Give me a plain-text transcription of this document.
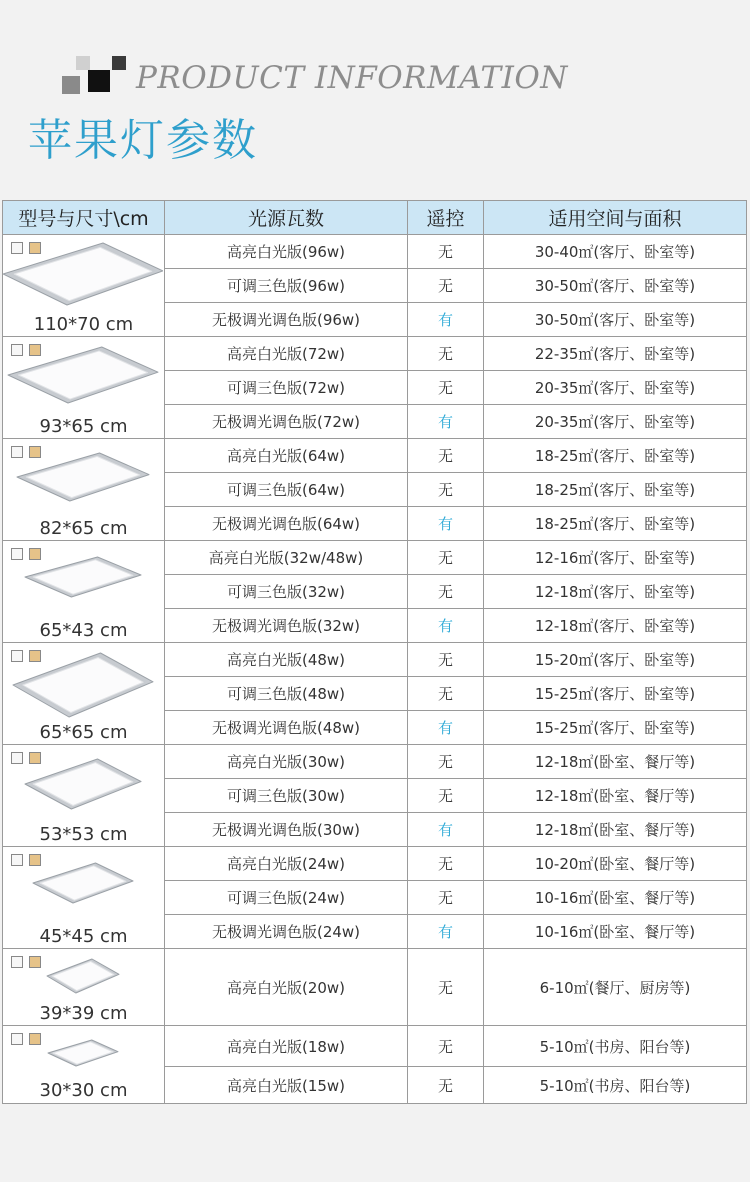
PRODUCT INFORMATION
苹果灯参数
型号与尺寸\cm	光源瓦数	遥控	适用空间与面积

110*70 cm	高亮白光版(96w)	无	30-40㎡(客厅、卧室等)
	可调三色版(96w)	无	30-50㎡(客厅、卧室等)
	无极调光调色版(96w)	有	30-50㎡(客厅、卧室等)

93*65 cm	高亮白光版(72w)	无	22-35㎡(客厅、卧室等)
	可调三色版(72w)	无	20-35㎡(客厅、卧室等)
	无极调光调色版(72w)	有	20-35㎡(客厅、卧室等)

82*65 cm	高亮白光版(64w)	无	18-25㎡(客厅、卧室等)
	可调三色版(64w)	无	18-25㎡(客厅、卧室等)
	无极调光调色版(64w)	有	18-25㎡(客厅、卧室等)

65*43 cm	高亮白光版(32w/48w)	无	12-16㎡(客厅、卧室等)
	可调三色版(32w)	无	12-18㎡(客厅、卧室等)
	无极调光调色版(32w)	有	12-18㎡(客厅、卧室等)

65*65 cm	高亮白光版(48w)	无	15-20㎡(客厅、卧室等)
	可调三色版(48w)	无	15-25㎡(客厅、卧室等)
	无极调光调色版(48w)	有	15-25㎡(客厅、卧室等)

53*53 cm	高亮白光版(30w)	无	12-18㎡(卧室、餐厅等)
	可调三色版(30w)	无	12-18㎡(卧室、餐厅等)
	无极调光调色版(30w)	有	12-18㎡(卧室、餐厅等)

45*45 cm	高亮白光版(24w)	无	10-20㎡(卧室、餐厅等)
	可调三色版(24w)	无	10-16㎡(卧室、餐厅等)
	无极调光调色版(24w)	有	10-16㎡(卧室、餐厅等)

39*39 cm	高亮白光版(20w)	无	6-10㎡(餐厅、厨房等)

30*30 cm	高亮白光版(18w)	无	5-10㎡(书房、阳台等)
	高亮白光版(15w)	无	5-10㎡(书房、阳台等)
